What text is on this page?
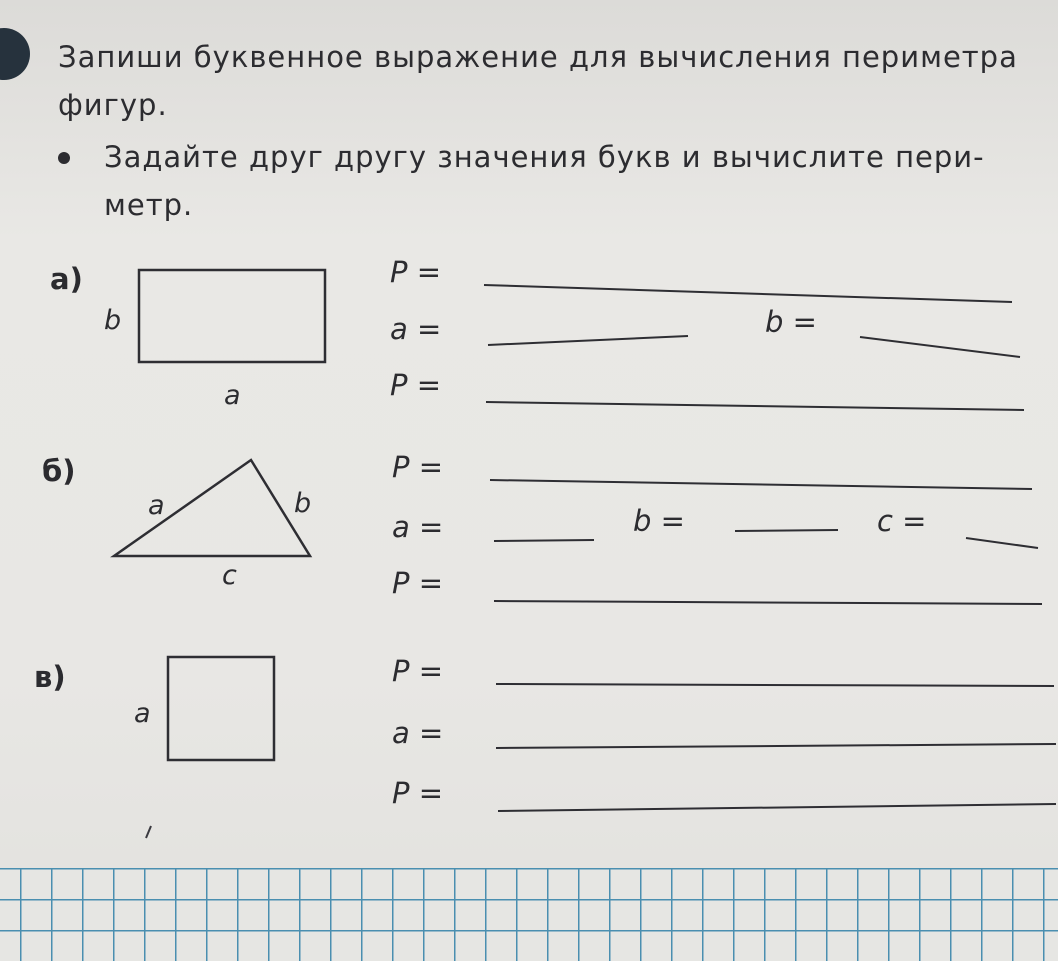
Запиши буквенное выражение для вычисления периметра
фигур.
Задайте друг другу значения букв и вычислите пери-
метр.
а)
b
a
P =
a =	b =
P =
б)
a	b
c
P =
a =	b =	c =
P =
в)
a
P =
a =
P =
